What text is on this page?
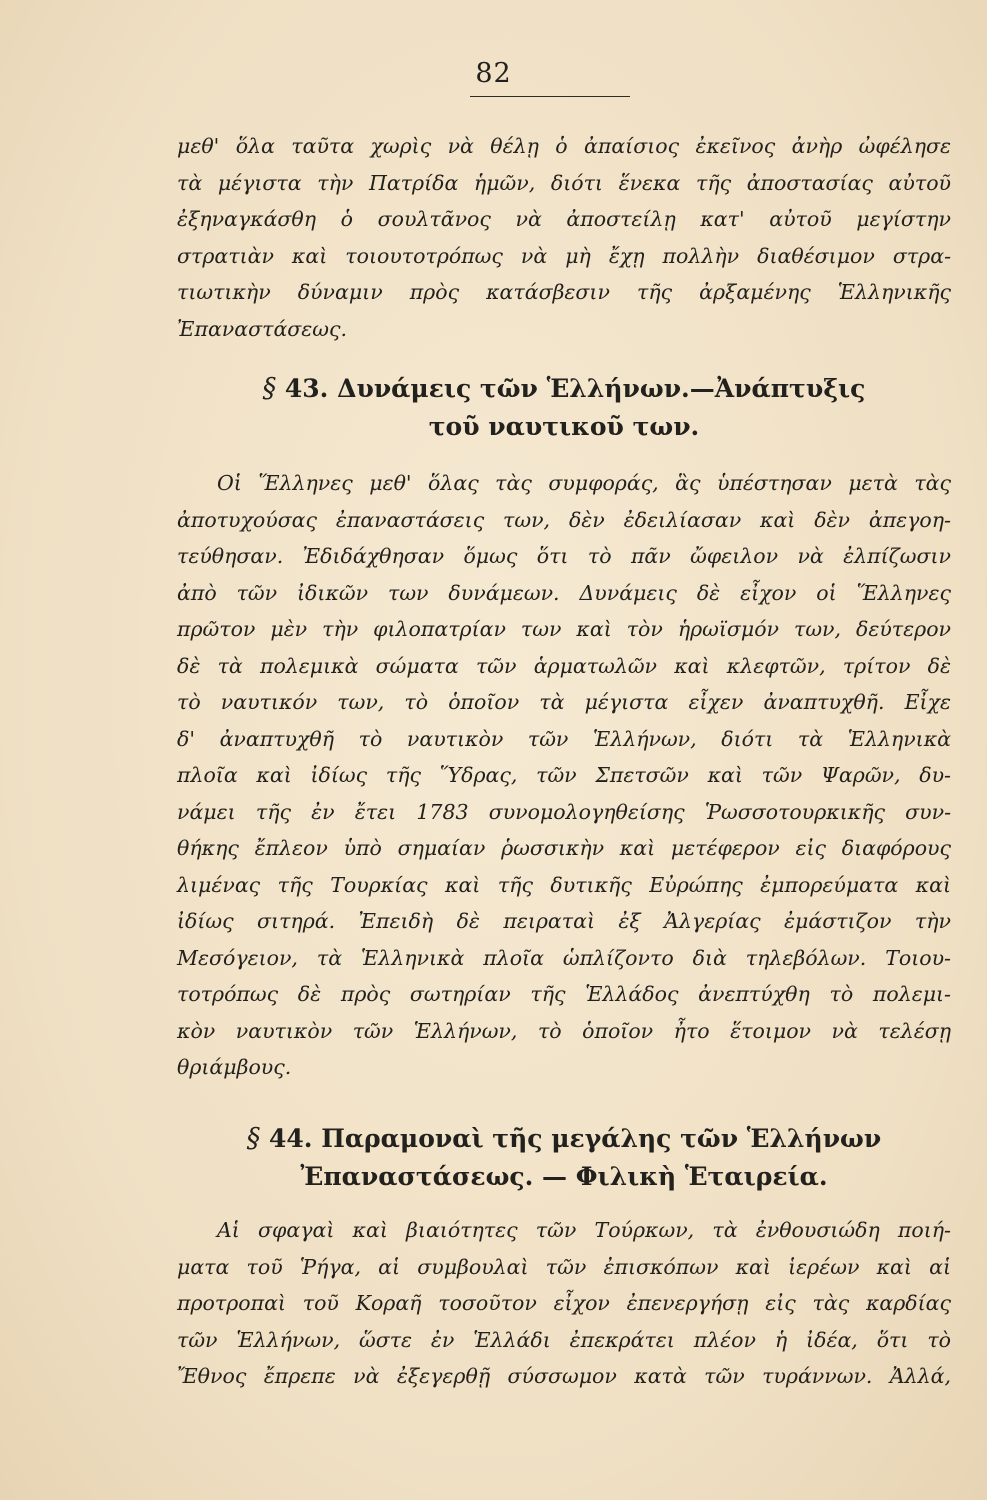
82
μεθ' ὅλα ταῦτα χωρὶς νὰ θέλῃ ὁ ἀπαίσιος ἐκεῖνος ἀνὴρ ὠφέλησε
τὰ μέγιστα τὴν Πατρίδα ἡμῶν, διότι ἕνεκα τῆς ἀποστασίας αὐτοῦ
ἐξηναγκάσθη ὁ σουλτᾶνος νὰ ἀποστείλῃ κατ' αὐτοῦ μεγίστην
στρατιὰν καὶ τοιουτοτρόπως νὰ μὴ ἔχῃ πολλὴν διαθέσιμον στρα-
τιωτικὴν δύναμιν πρὸς κατάσβεσιν τῆς ἀρξαμένης Ἑλληνικῆς
Ἐπαναστάσεως.
§ 43. Δυνάμεις τῶν Ἑλλήνων.—Ἀνάπτυξις
τοῦ ναυτικοῦ των.
Οἱ Ἕλληνες μεθ' ὅλας τὰς συμφοράς, ἃς ὑπέστησαν μετὰ τὰς
ἀποτυχούσας ἐπαναστάσεις των, δὲν ἐδειλίασαν καὶ δὲν ἀπεγοη-
τεύθησαν. Ἐδιδάχθησαν ὅμως ὅτι τὸ πᾶν ὤφειλον νὰ ἐλπίζωσιν
ἀπὸ τῶν ἰδικῶν των δυνάμεων. Δυνάμεις δὲ εἶχον οἱ Ἕλληνες
πρῶτον μὲν τὴν φιλοπατρίαν των καὶ τὸν ἡρωϊσμόν των, δεύτερον
δὲ τὰ πολεμικὰ σώματα τῶν ἁρματωλῶν καὶ κλεφτῶν, τρίτον δὲ
τὸ ναυτικόν των, τὸ ὁποῖον τὰ μέγιστα εἶχεν ἀναπτυχθῆ. Εἶχε
δ' ἀναπτυχθῆ τὸ ναυτικὸν τῶν Ἑλλήνων, διότι τὰ Ἑλληνικὰ
πλοῖα καὶ ἰδίως τῆς Ὕδρας, τῶν Σπετσῶν καὶ τῶν Ψαρῶν, δυ-
νάμει τῆς ἐν ἔτει 1783 συνομολογηθείσης Ῥωσσοτουρκικῆς συν-
θήκης ἔπλεον ὑπὸ σημαίαν ῥωσσικὴν καὶ μετέφερον εἰς διαφόρους
λιμένας τῆς Τουρκίας καὶ τῆς δυτικῆς Εὐρώπης ἐμπορεύματα καὶ
ἰδίως σιτηρά. Ἐπειδὴ δὲ πειραταὶ ἐξ Ἀλγερίας ἐμάστιζον τὴν
Μεσόγειον, τὰ Ἑλληνικὰ πλοῖα ὡπλίζοντο διὰ τηλεβόλων. Τοιου-
τοτρόπως δὲ πρὸς σωτηρίαν τῆς Ἑλλάδος ἀνεπτύχθη τὸ πολεμι-
κὸν ναυτικὸν τῶν Ἑλλήνων, τὸ ὁποῖον ἦτο ἕτοιμον νὰ τελέσῃ
θριάμβους.
§ 44. Παραμοναὶ τῆς μεγάλης τῶν Ἑλλήνων
Ἐπαναστάσεως. — Φιλικὴ Ἑταιρεία.
Αἱ σφαγαὶ καὶ βιαιότητες τῶν Τούρκων, τὰ ἐνθουσιώδη ποιή-
ματα τοῦ Ῥήγα, αἱ συμβουλαὶ τῶν ἐπισκόπων καὶ ἱερέων καὶ αἱ
προτροπαὶ τοῦ Κοραῆ τοσοῦτον εἶχον ἐπενεργήσῃ εἰς τὰς καρδίας
τῶν Ἑλλήνων, ὥστε ἐν Ἑλλάδι ἐπεκράτει πλέον ἡ ἰδέα, ὅτι τὸ
Ἔθνος ἔπρεπε νὰ ἐξεγερθῇ σύσσωμον κατὰ τῶν τυράννων. Ἀλλά,
